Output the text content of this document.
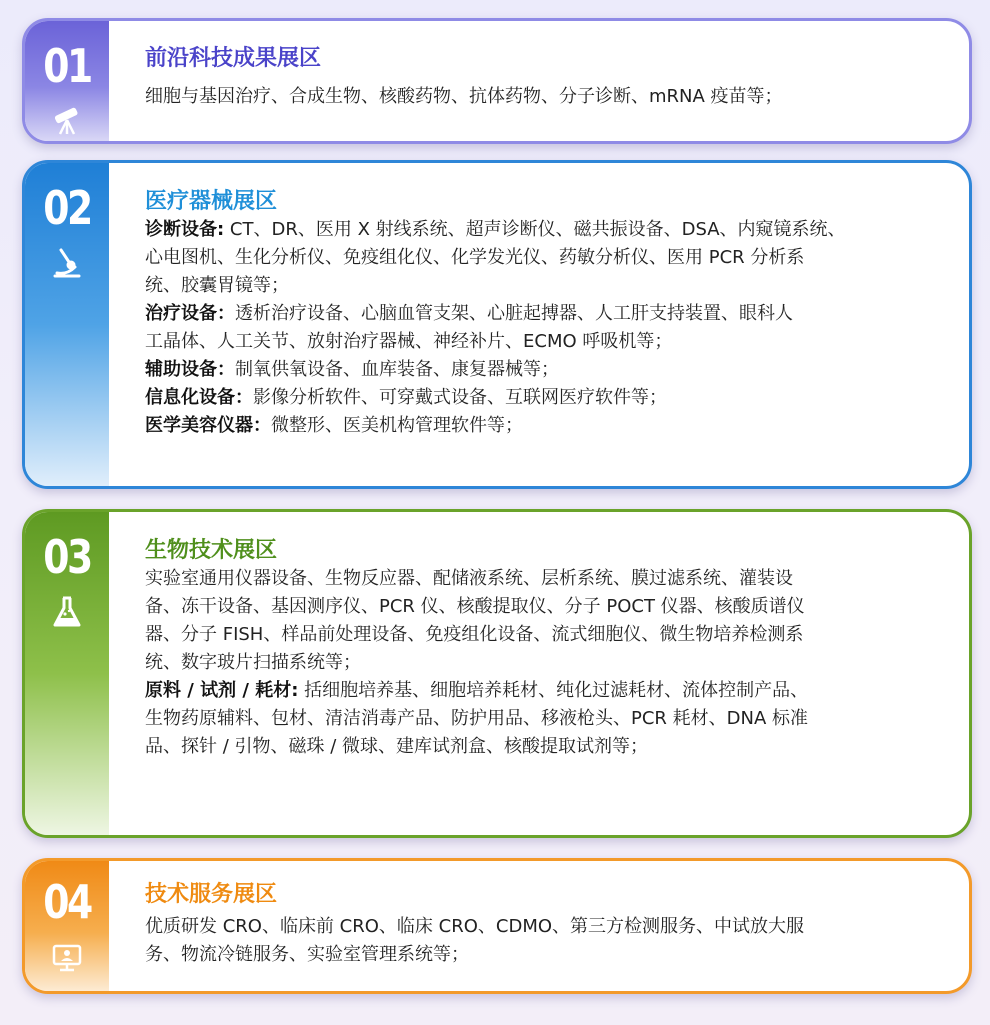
01 前沿科技成果展区
细胞与基因治疗、合成生物、核酸药物、抗体药物、分子诊断、mRNA 疫苗等；
02 医疗器械展区
诊断设备: CT、DR、医用 X 射线系统、超声诊断仪、磁共振设备、DSA、内窥镜系统、
心电图机、生化分析仪、免疫组化仪、化学发光仪、药敏分析仪、医用 PCR 分析系
统、胶囊胃镜等；
治疗设备：透析治疗设备、心脑血管支架、心脏起搏器、人工肝支持装置、眼科人
工晶体、人工关节、放射治疗器械、神经补片、ECMO 呼吸机等；
辅助设备：制氧供氧设备、血库装备、康复器械等；
信息化设备：影像分析软件、可穿戴式设备、互联网医疗软件等；
医学美容仪器：微整形、医美机构管理软件等；
03 生物技术展区
实验室通用仪器设备、生物反应器、配储液系统、层析系统、膜过滤系统、灌装设
备、冻干设备、基因测序仪、PCR 仪、核酸提取仪、分子 POCT 仪器、核酸质谱仪
器、分子 FISH、样品前处理设备、免疫组化设备、流式细胞仪、微生物培养检测系
统、数字玻片扫描系统等；
原料 / 试剂 / 耗材: 括细胞培养基、细胞培养耗材、纯化过滤耗材、流体控制产品、
生物药原辅料、包材、清洁消毒产品、防护用品、移液枪头、PCR 耗材、DNA 标准
品、探针 / 引物、磁珠 / 微球、建库试剂盒、核酸提取试剂等；
04 技术服务展区
优质研发 CRO、临床前 CRO、临床 CRO、CDMO、第三方检测服务、中试放大服
务、物流冷链服务、实验室管理系统等；
